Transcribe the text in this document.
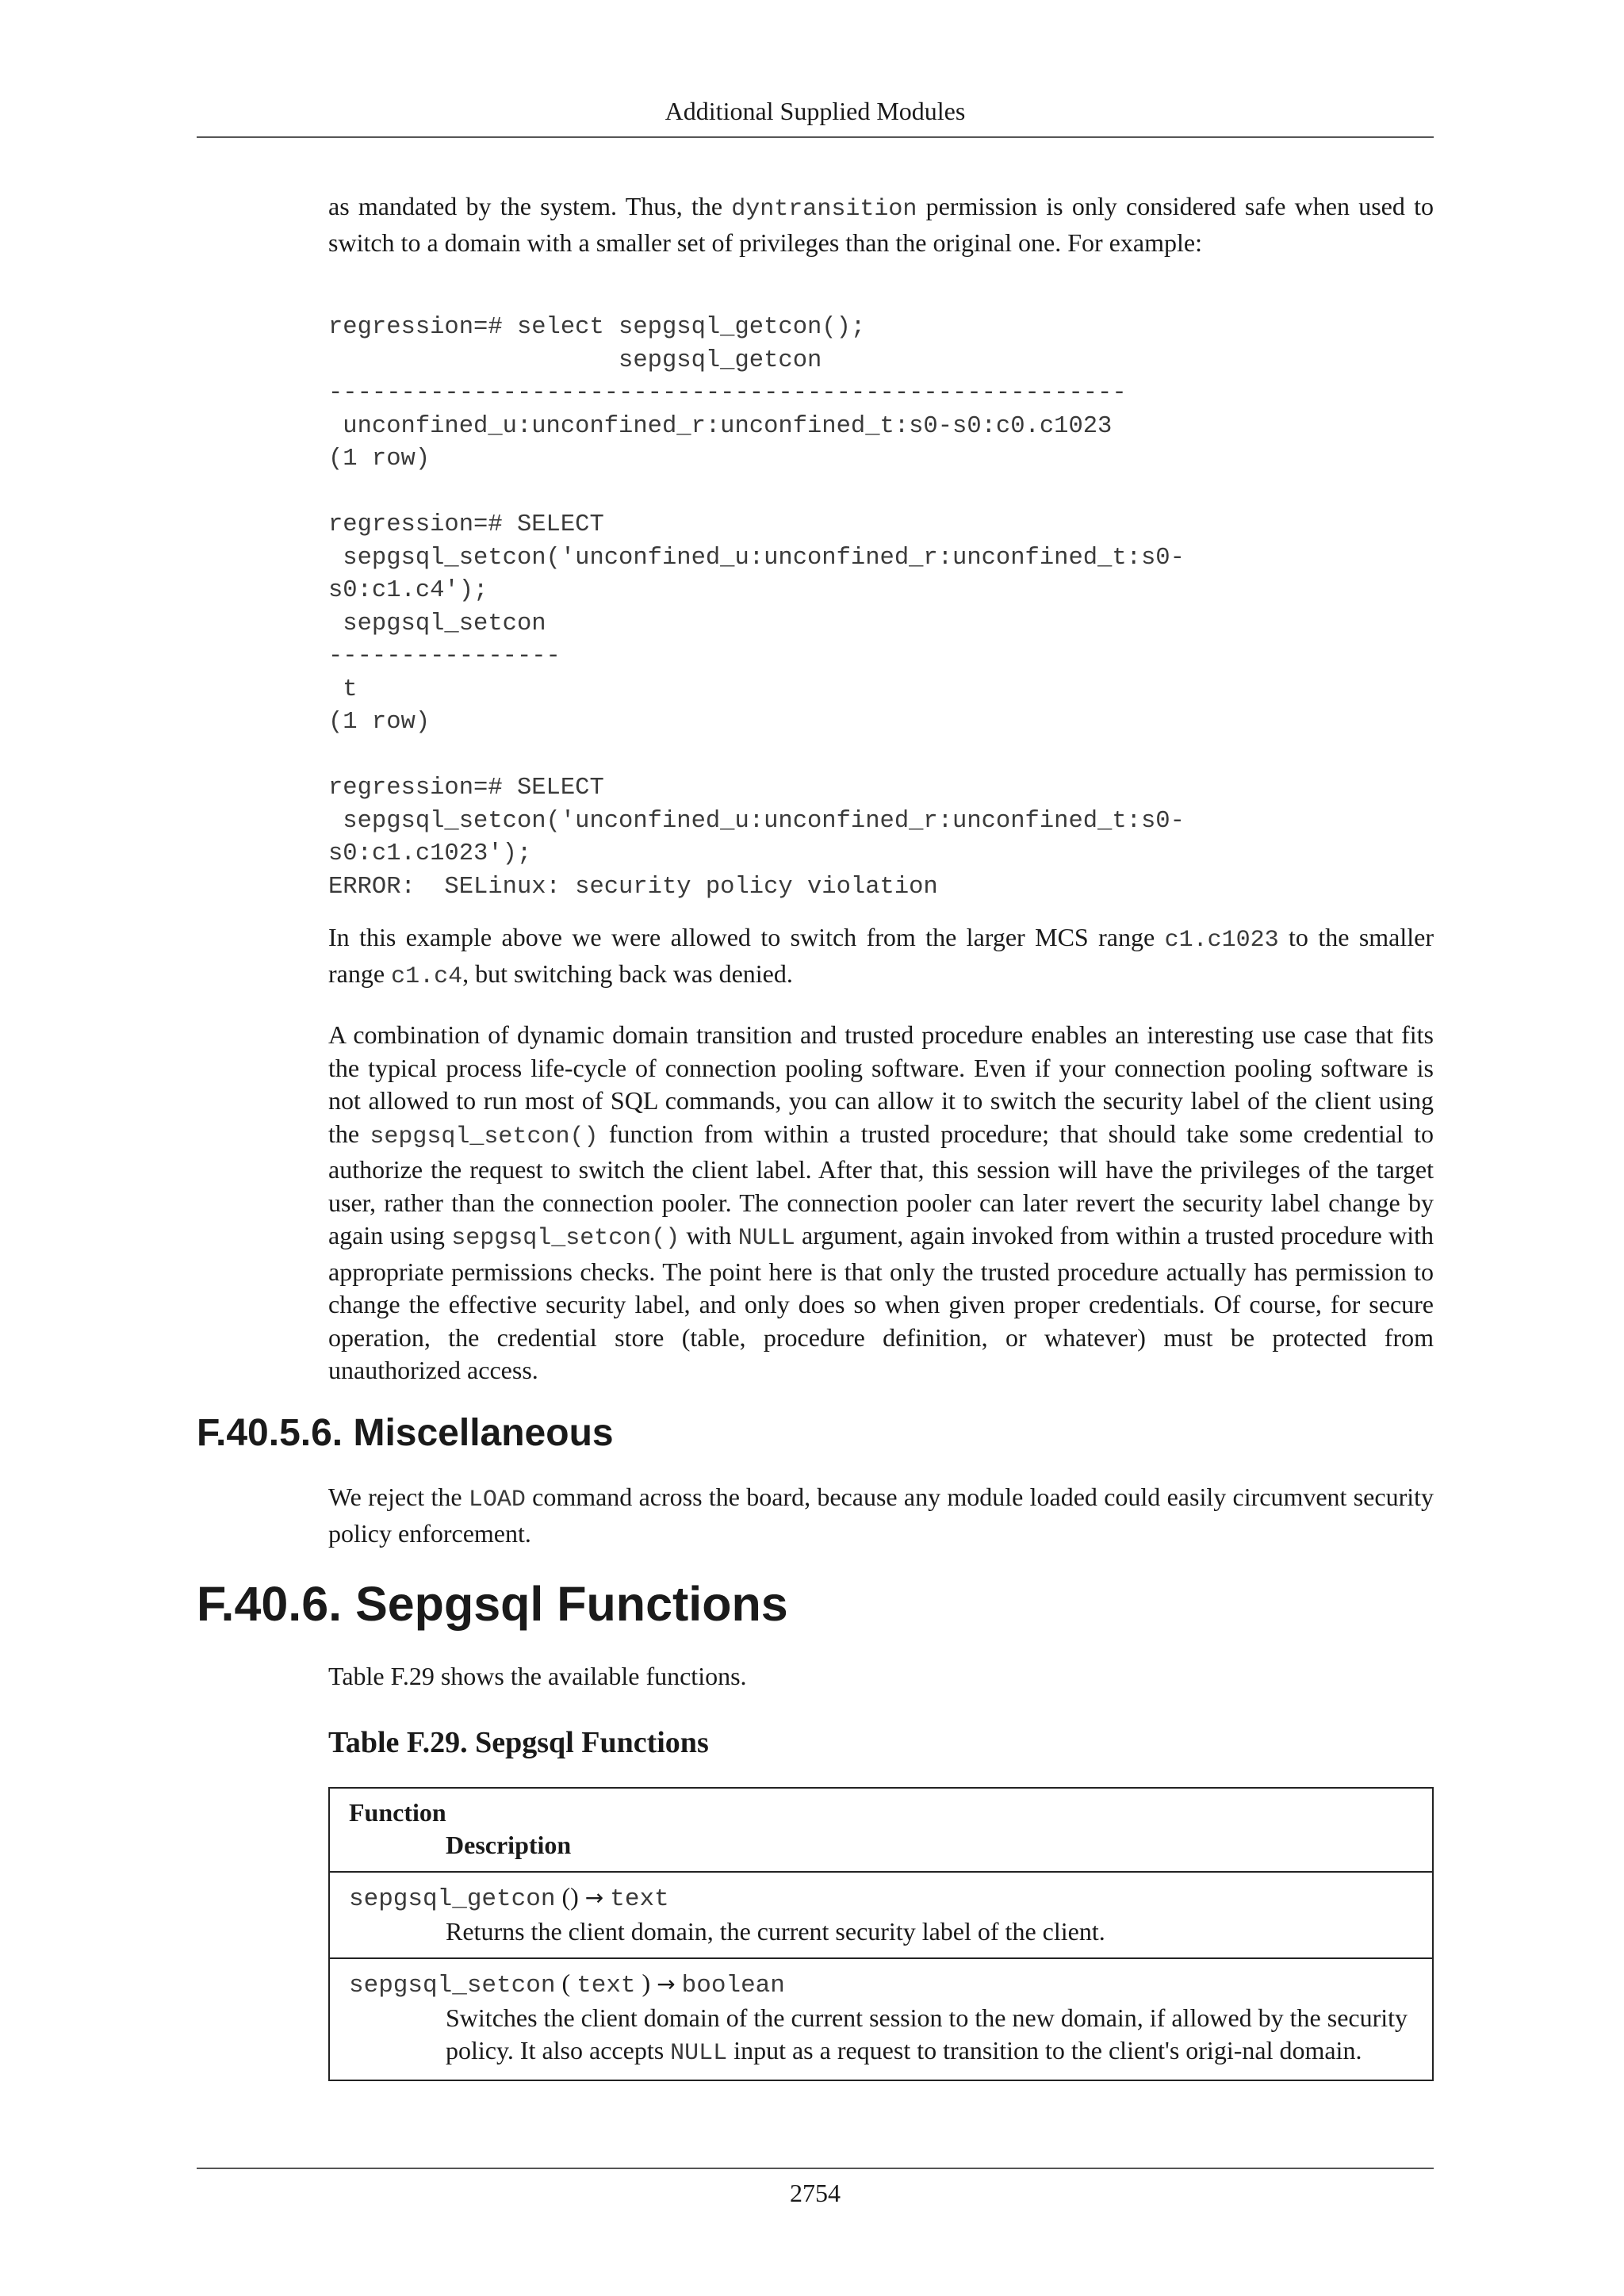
Additional Supplied Modules

as mandated by the system. Thus, the dyntransition permission is only considered safe when used to switch to a domain with a smaller set of privileges than the original one. For example:

regression=# select sepgsql_getcon();
sepgsql_getcon
-------------------------------------------------------
unconfined_u:unconfined_r:unconfined_t:s0-s0:c0.c1023
(1 row)
regression=# SELECT
sepgsql_setcon('unconfined_u:unconfined_r:unconfined_t:s0-
s0:c1.c4');
sepgsql_setcon
----------------
t
(1 row)
regression=# SELECT
sepgsql_setcon('unconfined_u:unconfined_r:unconfined_t:s0-
s0:c1.c1023');
ERROR:  SELinux: security policy violation

In this example above we were allowed to switch from the larger MCS range c1.c1023 to the smaller range c1.c4, but switching back was denied.

A combination of dynamic domain transition and trusted procedure enables an interesting use case that fits the typical process life-cycle of connection pooling software. Even if your connection pooling software is not allowed to run most of SQL commands, you can allow it to switch the security label of the client using the sepgsql_setcon() function from within a trusted procedure; that should take some credential to authorize the request to switch the client label. After that, this session will have the privileges of the target user, rather than the connection pooler. The connection pooler can later revert the security label change by again using sepgsql_setcon() with NULL argument, again invoked from within a trusted procedure with appropriate permissions checks. The point here is that only the trusted procedure actually has permission to change the effective security label, and only does so when given proper credentials. Of course, for secure operation, the credential store (table, procedure definition, or whatever) must be protected from unauthorized access.

F.40.5.6. Miscellaneous

We reject the LOAD command across the board, because any module loaded could easily circumvent security policy enforcement.

F.40.6. Sepgsql Functions

Table F.29 shows the available functions.

Table F.29. Sepgsql Functions

Function
Description
sepgsql_getcon () → text
Returns the client domain, the current security label of the client.
sepgsql_setcon ( text ) → boolean
Switches the client domain of the current session to the new domain, if allowed by the security policy. It also accepts NULL input as a request to transition to the client's origi-nal domain.
2754
